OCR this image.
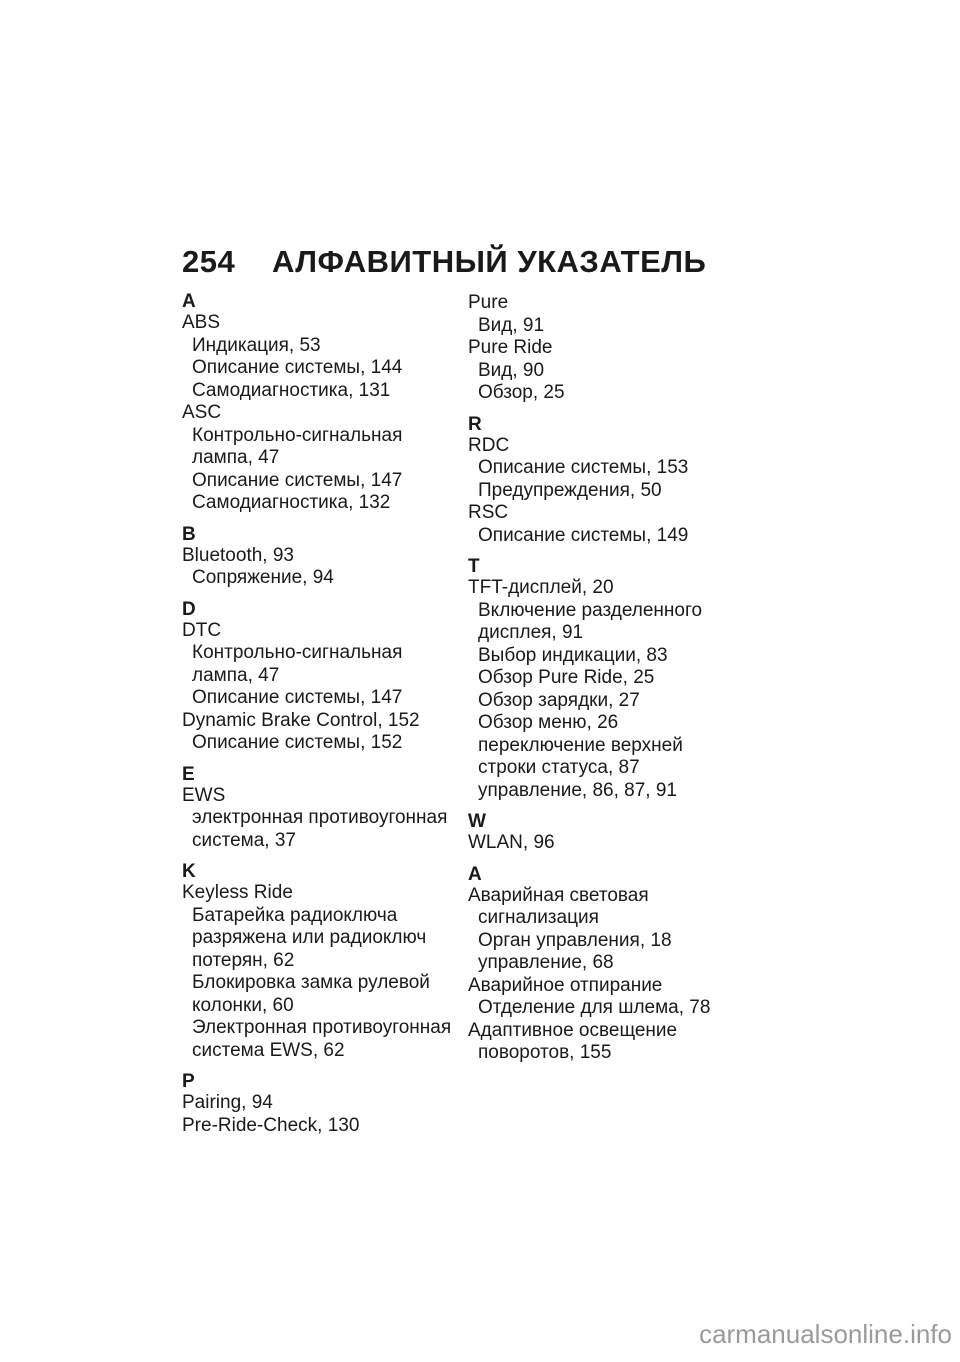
254 АЛФАВИТНЫЙ УКАЗАТЕЛЬ
A
ABS
Индикация, 53
Описание системы, 144
Самодиагностика, 131
ASC
Контрольно-сигнальная
лампа, 47
Описание системы, 147
Самодиагностика, 132
B
Bluetooth, 93
Сопряжение, 94
D
DTC
Контрольно-сигнальная
лампа, 47
Описание системы, 147
Dynamic Brake Control, 152
Описание системы, 152
E
EWS
электронная противоугонная
система, 37
K
Keyless Ride
Батарейка радиоключа
разряжена или радиоключ
потерян, 62
Блокировка замка рулевой
колонки, 60
Электронная противоугонная
система EWS, 62
P
Pairing, 94
Pre-Ride-Check, 130
Pure
Вид, 91
Pure Ride
Вид, 90
Обзор, 25
R
RDC
Описание системы, 153
Предупреждения, 50
RSC
Описание системы, 149
T
TFT-дисплей, 20
Включение разделенного
дисплея, 91
Выбор индикации, 83
Обзор Pure Ride, 25
Обзор зарядки, 27
Обзор меню, 26
переключение верхней
строки статуса, 87
управление, 86, 87, 91
W
WLAN, 96
А
Аварийная световая
сигнализация
Орган управления, 18
управление, 68
Аварийное отпирание
Отделение для шлема, 78
Адаптивное освещение
поворотов, 155
carmanualsonline.info
